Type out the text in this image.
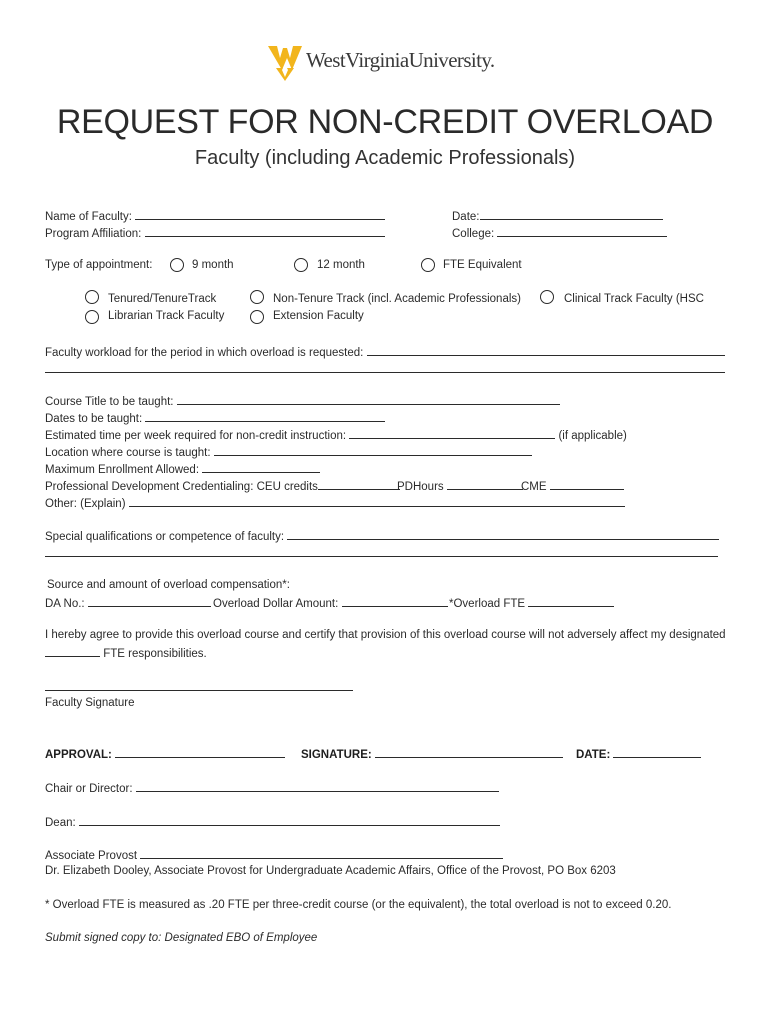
WestVirginiaUniversity.
REQUEST FOR NON-CREDIT OVERLOAD
Faculty (including Academic Professionals)
Name of Faculty:	Date:
Program Affiliation:	College:
Type of appointment:	9 month	12 month	FTE Equivalent
Tenured/TenureTrack
Librarian Track Faculty
Non-Tenure Track (incl. Academic Professionals)
Extension Faculty
Clinical Track Faculty (HSC
Faculty workload for the period in which overload is requested:
Course Title to be taught:
Dates to be taught:
Estimated time per week required for non-credit instruction:	(if applicable)
Location where course is taught:
Maximum Enrollment Allowed:
Professional Development Credentialing: CEU credits	PDHours	CME
Other: (Explain)
Special qualifications or competence of faculty:
Source and amount of overload compensation*:
DA No.:	Overload Dollar Amount:	*Overload FTE
I hereby agree to provide this overload course and certify that provision of this overload course will not adversely affect my designated
FTE responsibilities.
Faculty Signature
APPROVAL:	SIGNATURE:	DATE:
Chair or Director:
Dean:
Associate Provost
Dr. Elizabeth Dooley, Associate Provost for Undergraduate Academic Affairs, Office of the Provost, PO Box 6203
* Overload FTE is measured as .20 FTE per three-credit course (or the equivalent), the total overload is not to exceed 0.20.
Submit signed copy to: Designated EBO of Employee
